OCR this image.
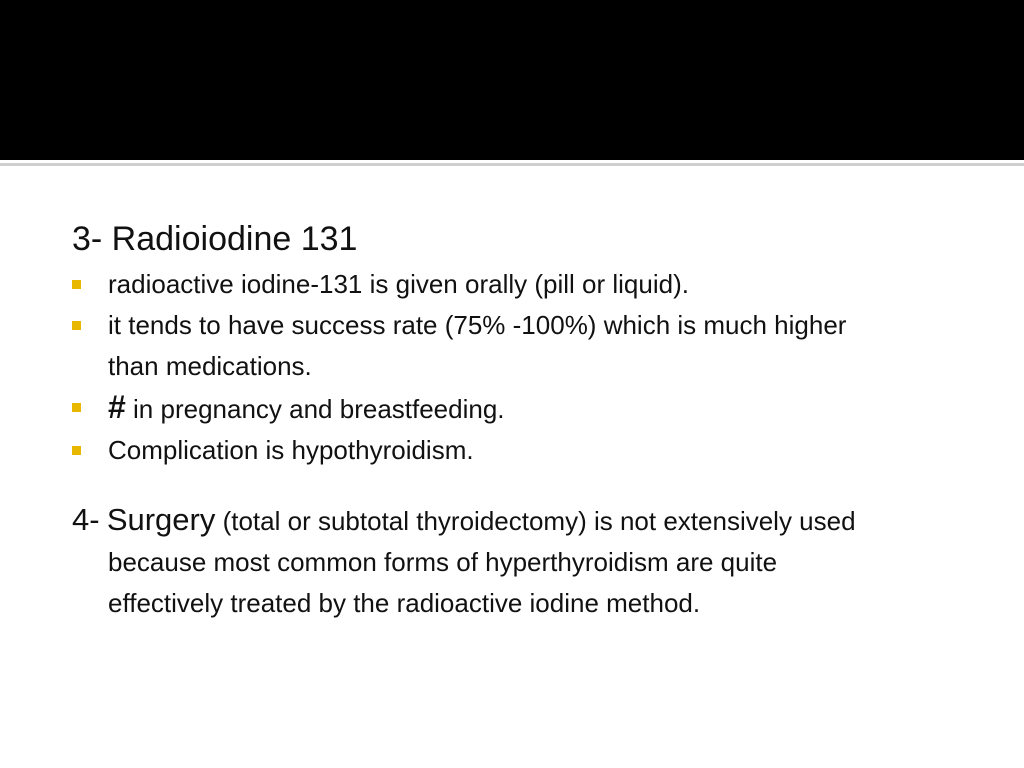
3- Radioiodine 131
radioactive iodine-131 is given orally (pill or liquid).
it tends to have success rate (75% -100%) which is much higher than medications.
# in pregnancy and breastfeeding.
Complication is hypothyroidism.

4- Surgery (total or subtotal thyroidectomy) is not extensively used because most common forms of hyperthyroidism are quite effectively treated by the radioactive iodine method.
